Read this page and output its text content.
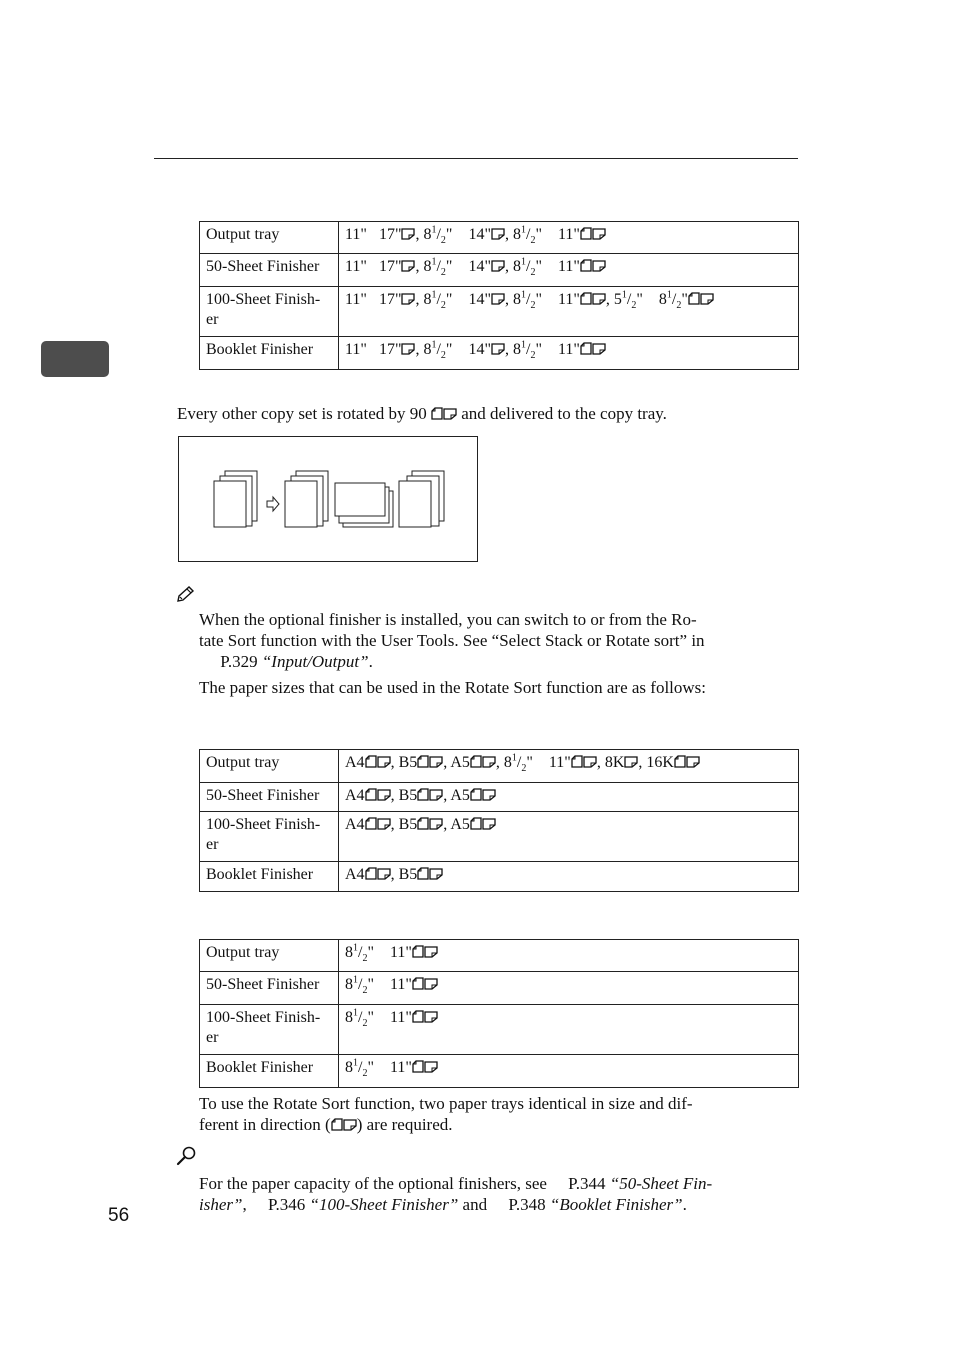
Output tray	11"   17" , $8^1/_2$"    14" , $8^1/_2$"    11"
50-Sheet Finisher	11"   17" , $8^1/_2$"    14" , $8^1/_2$"    11"
100-Sheet Finish-
er	11"   17" , $8^1/_2$"    14" , $8^1/_2$"    11" , $5^1/_2$"    $8^1/_2$"
Booklet Finisher	11"   17" , $8^1/_2$"    14" , $8^1/_2$"    11"
Every other copy set is rotated by 90 and delivered to the copy tray.
When the optional finisher is installed, you can switch to or from the Ro-
tate Sort function with the User Tools. See “Select Stack or Rotate sort” in
P.329 “Input/Output”.
The paper sizes that can be used in the Rotate Sort function are as follows:
Output tray	A4 , B5 , A5 , $8^1/_2$"    11" , 8K , 16K
50-Sheet Finisher	A4 , B5 , A5
100-Sheet Finish-
er	A4 , B5 , A5
Booklet Finisher	A4 , B5
Output tray	$8^1/_2$"    11"
50-Sheet Finisher	$8^1/_2$"    11"
100-Sheet Finish-
er	$8^1/_2$"    11"
Booklet Finisher	$8^1/_2$"    11"
To use the Rotate Sort function, two paper trays identical in size and dif-
ferent in direction ( ) are required.
For the paper capacity of the optional finishers, see     P.344 “50-Sheet Fin-
isher”,     P.346 “100-Sheet Finisher” and     P.348 “Booklet Finisher”.
56
